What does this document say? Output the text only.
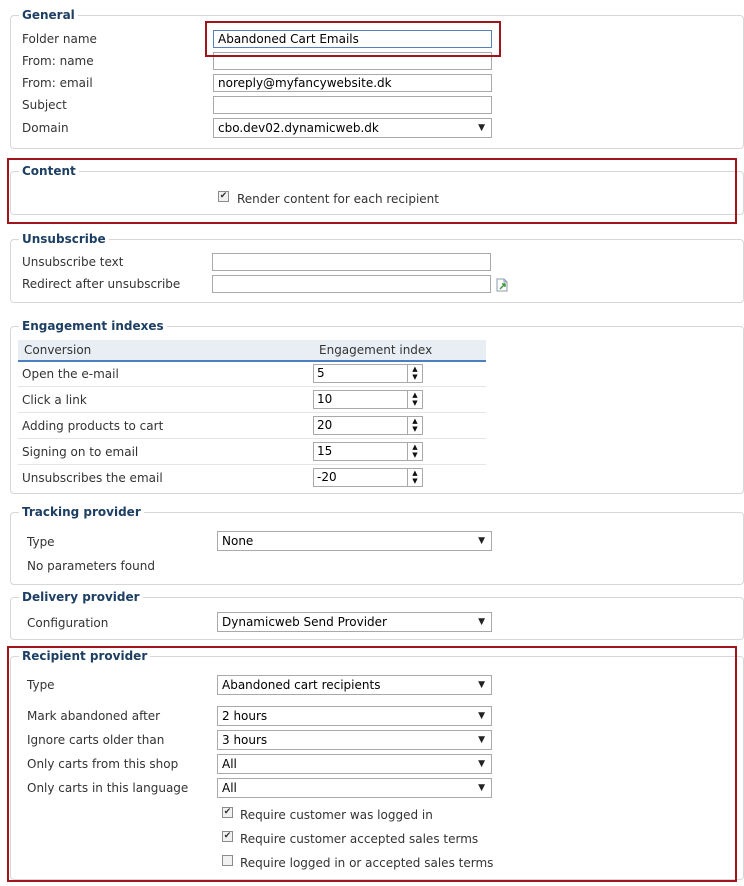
General
Folder name	Abandoned Cart Emails
From: name
From: email	noreply@myfancywebsite.dk
Subject
Domain	cbo.dev02.dynamicweb.dk	▼
Content
✔ Render content for each recipient
Unsubscribe
Unsubscribe text
Redirect after unsubscribe
Engagement indexes
Conversion	Engagement index
Open the e-mail	5	▲
▼
Click a link	10	▲
▼
Adding products to cart	20	▲
▼
Signing on to email	15	▲
▼
Unsubscribes the email	-20	▲
▼
Tracking provider
Type	None	▼
No parameters found
Delivery provider
Configuration	Dynamicweb Send Provider	▼
Recipient provider
Type	Abandoned cart recipients	▼
Mark abandoned after	2 hours	▼
Ignore carts older than	3 hours	▼
Only carts from this shop	All	▼
Only carts in this language	All	▼
✔ Require customer was logged in
✔ Require customer accepted sales terms
Require logged in or accepted sales terms
